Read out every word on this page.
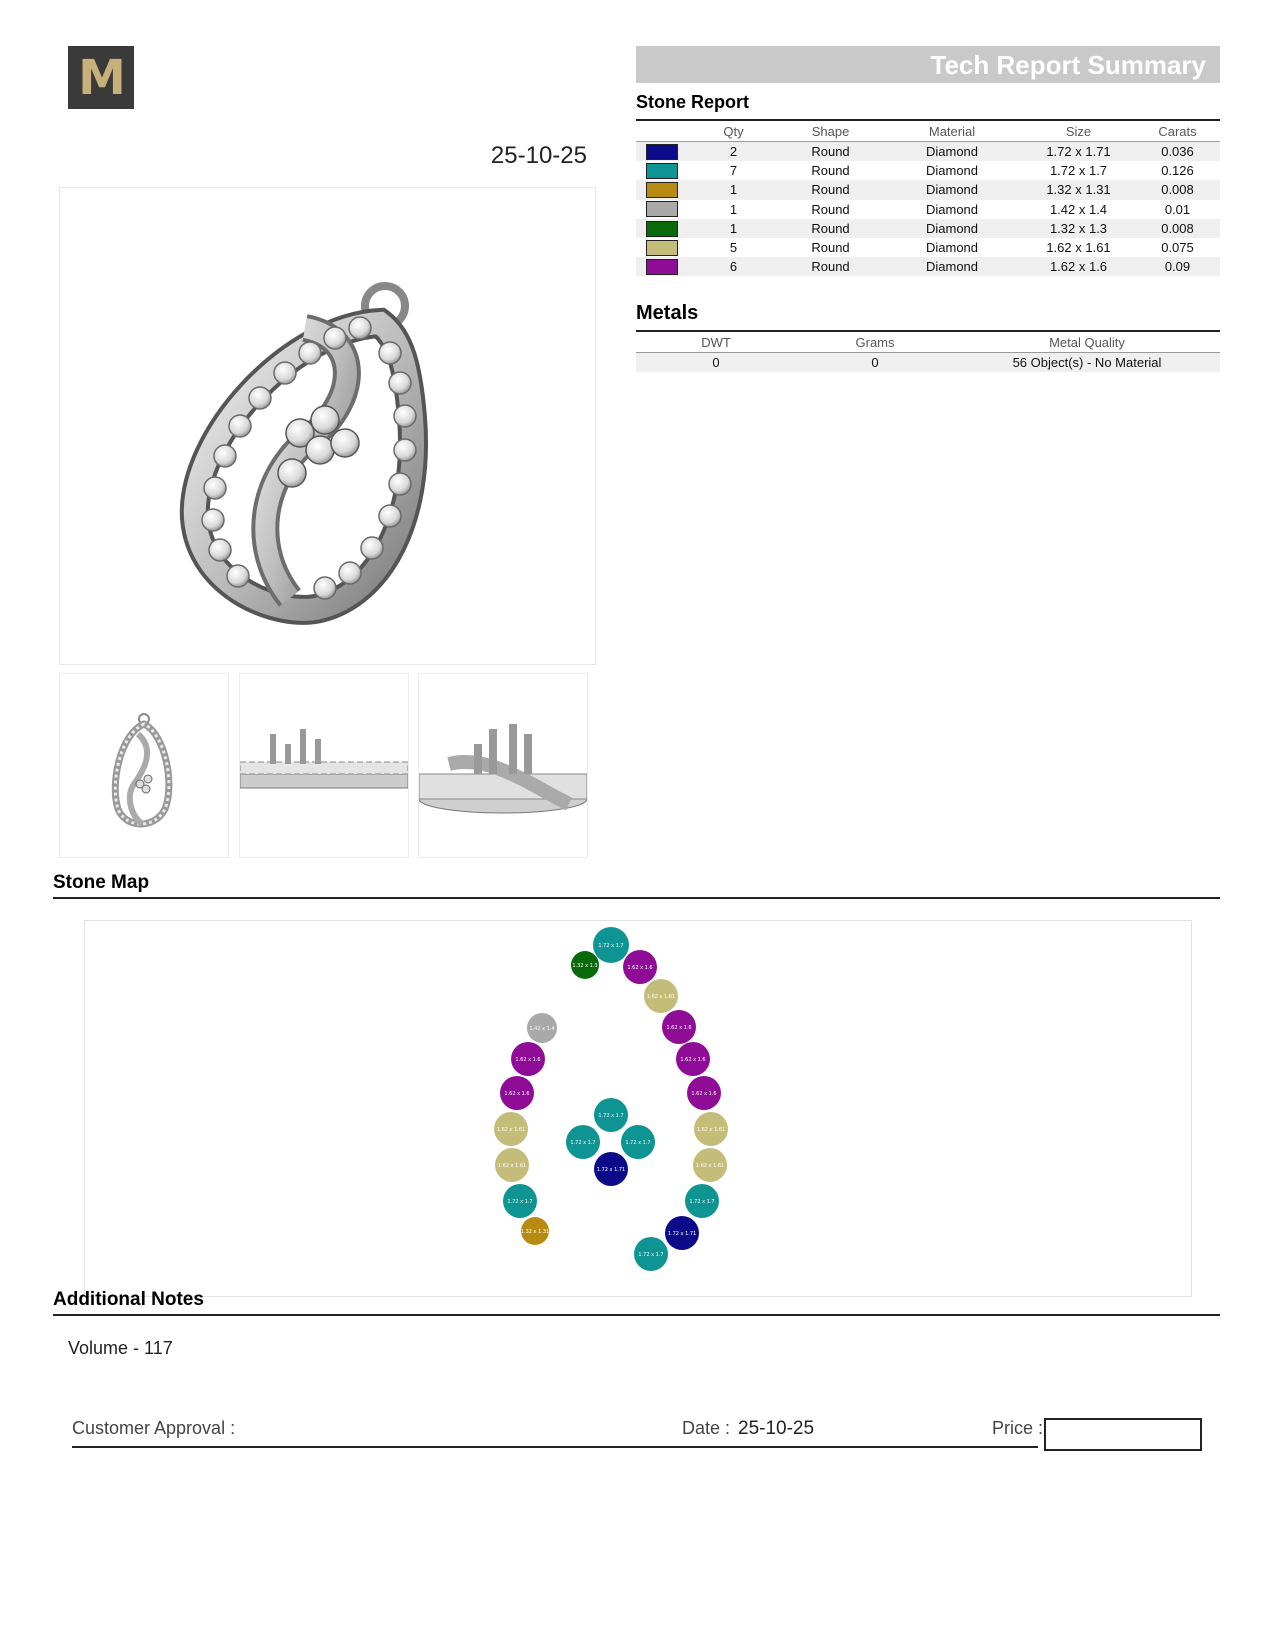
M
25-10-25
Tech Report Summary
Stone Report
	Qty	Shape	Material	Size	Carats
	2	Round	Diamond	1.72 x 1.71	0.036
	7	Round	Diamond	1.72 x 1.7	0.126
	1	Round	Diamond	1.32 x 1.31	0.008
	1	Round	Diamond	1.42 x 1.4	0.01
	1	Round	Diamond	1.32 x 1.3	0.008
	5	Round	Diamond	1.62 x 1.61	0.075
	6	Round	Diamond	1.62 x 1.6	0.09
Metals
DWT	Grams	Metal Quality
0	0	56 Object(s) - No Material
Stone Map
1.72 x 1.7
1.32 x 1.3	1.62 x 1.6
1.62 x 1.61
1.62 x 1.6
1.62 x 1.6
1.62 x 1.6
1.62 x 1.61
1.62 x 1.61
1.72 x 1.7
1.72 x 1.71
1.72 x 1.7
1.42 x 1.4
1.62 x 1.6
1.62 x 1.6
1.62 x 1.61
1.62 x 1.61
1.72 x 1.7
1.32 x 1.31
1.72 x 1.7
1.72 x 1.7	1.72 x 1.7
1.72 x 1.71
Additional Notes
Volume - 117
Customer Approval :	Date : 25-10-25	Price :
